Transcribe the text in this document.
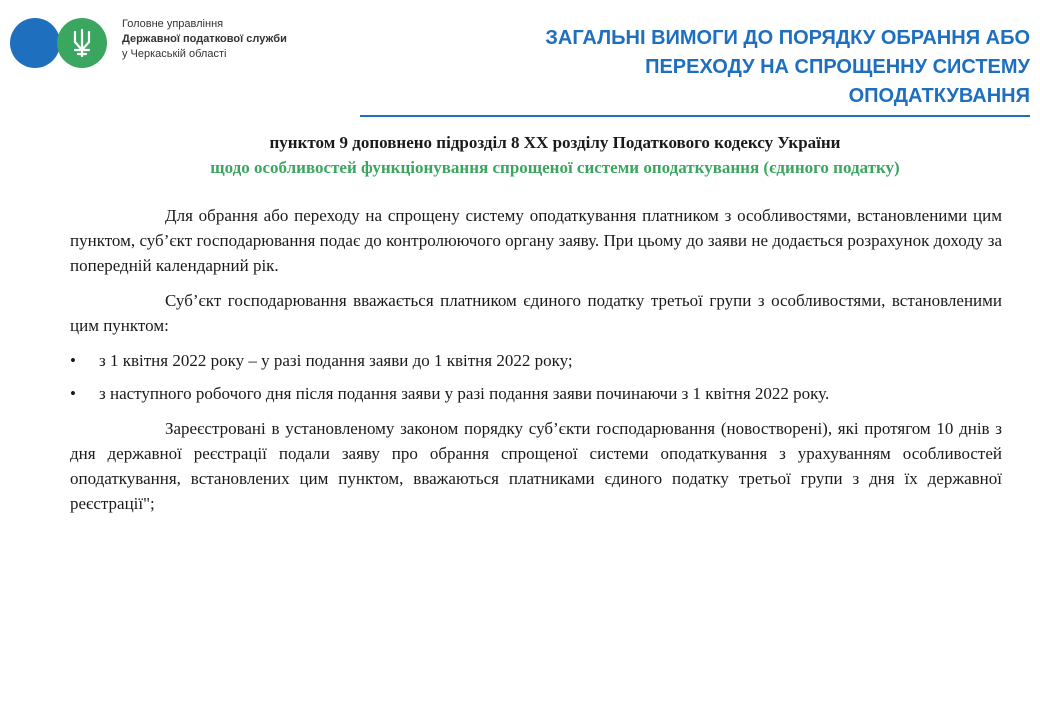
Головне управління
Державної податкової служби
у Черкаській області
ЗАГАЛЬНІ ВИМОГИ ДО ПОРЯДКУ ОБРАННЯ АБО
ПЕРЕХОДУ НА СПРОЩЕННУ СИСТЕМУ
ОПОДАТКУВАННЯ
пунктом 9 доповнено підрозділ 8 XX розділу Податкового кодексу України
щодо особливостей функціонування спрощеної системи оподаткування (єдиного податку)

Для обрання або переходу на спрощену систему оподаткування платником з особливостями, встановленими цим пунктом, суб’єкт господарювання подає до контролюючого органу заяву. При цьому до заяви не додається розрахунок доходу за попередній календарний рік.

Суб’єкт господарювання вважається платником єдиного податку третьої групи з особливостями, встановленими цим пунктом:

• з 1 квітня 2022 року – у разі подання заяви до 1 квітня 2022 року;
• з наступного робочого дня після подання заяви у разі подання заяви починаючи з 1 квітня 2022 року.

Зареєстровані в установленому законом порядку суб’єкти господарювання (новостворені), які протягом 10 днів з дня державної реєстрації подали заяву про обрання спрощеної системи оподаткування з урахуванням особливостей оподаткування, встановлених цим пунктом, вважаються платниками єдиного податку третьої групи з дня їх державної реєстрації";
